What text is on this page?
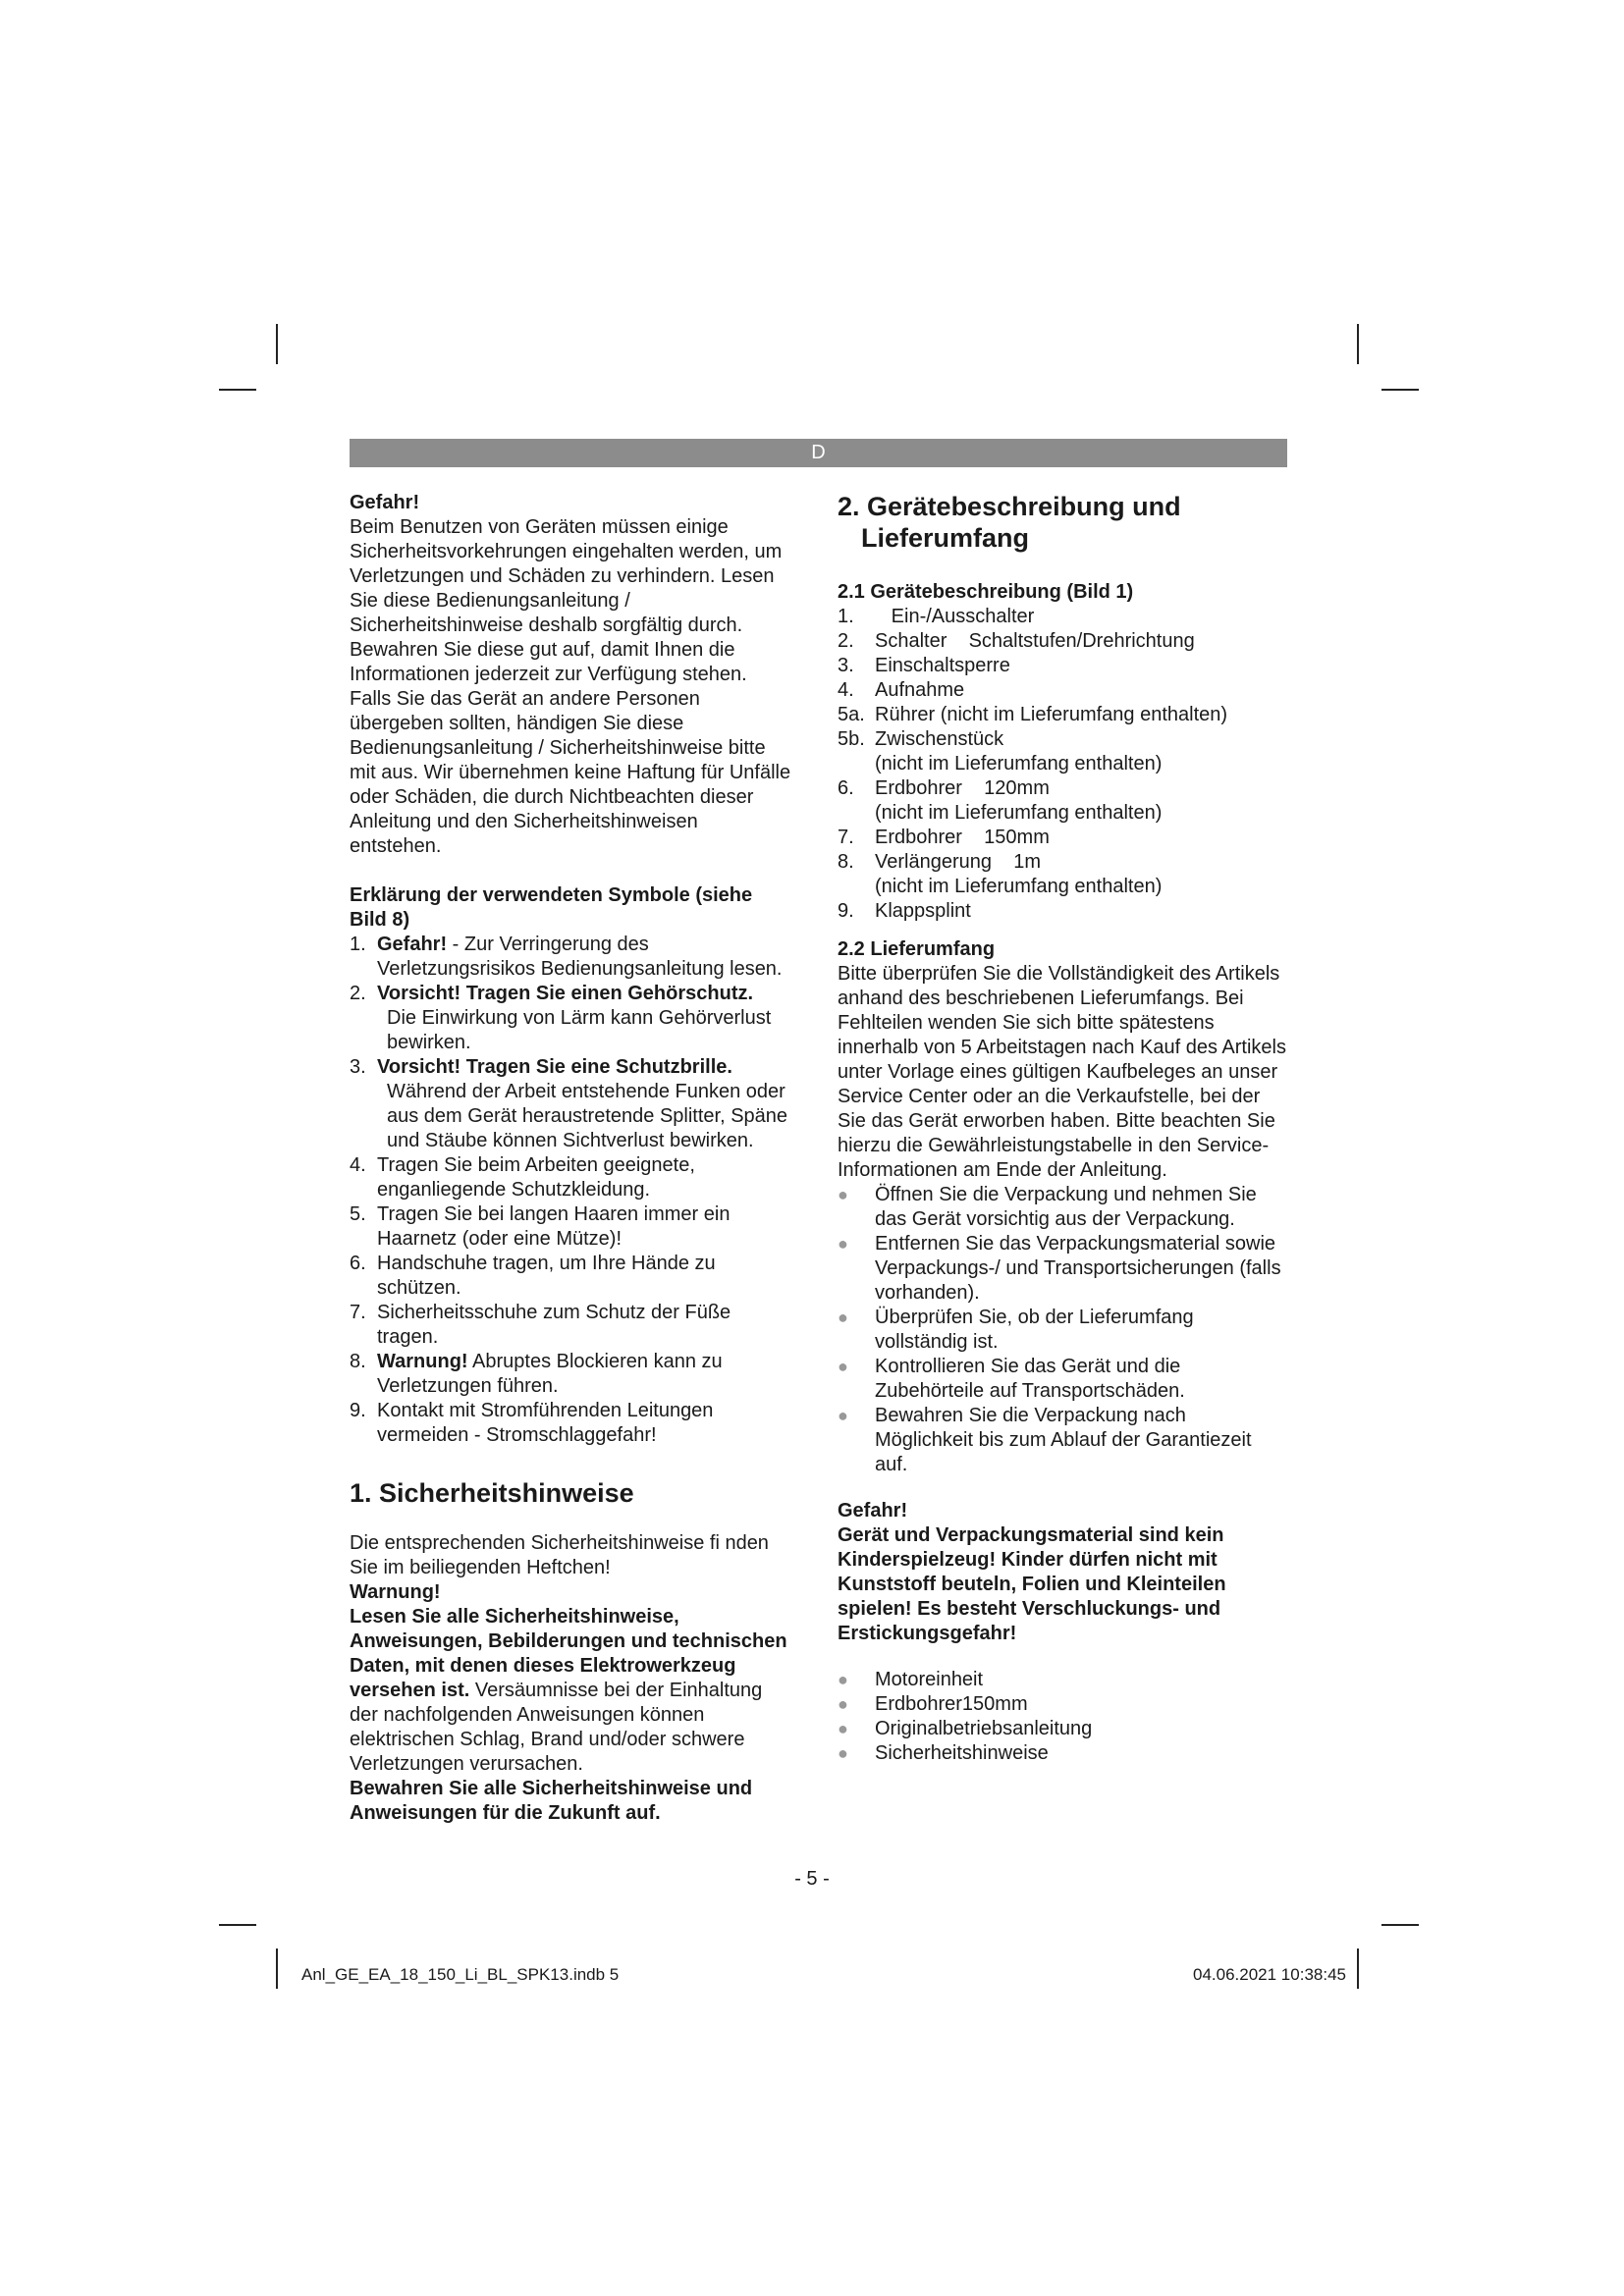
D

Gefahr!

Beim Benutzen von Geräten müssen einige Sicherheitsvorkehrungen eingehalten werden, um Verletzungen und Schäden zu verhindern. Lesen Sie diese Bedienungsanleitung / Sicherheitshinweise deshalb sorgfältig durch. Bewahren Sie diese gut auf, damit Ihnen die Informationen jederzeit zur Verfügung stehen. Falls Sie das Gerät an andere Personen übergeben sollten, händigen Sie diese Bedienungsanleitung / Sicherheitshinweise bitte mit aus. Wir übernehmen keine Haftung für Unfälle oder Schäden, die durch Nichtbeachten dieser Anleitung und den Sicherheitshinweisen entstehen.

Erklärung der verwendeten Symbole (siehe Bild 8)

1. Gefahr! - Zur Verringerung des Verletzungsrisikos Bedienungsanleitung lesen.
2. Vorsicht! Tragen Sie einen Gehörschutz.
Die Einwirkung von Lärm kann Gehörverlust bewirken.
3. Vorsicht! Tragen Sie eine Schutzbrille.
Während der Arbeit entstehende Funken oder aus dem Gerät heraustretende Splitter, Späne und Stäube können Sichtverlust bewirken.
4. Tragen Sie beim Arbeiten geeignete, enganliegende Schutzkleidung.
5. Tragen Sie bei langen Haaren immer ein Haarnetz (oder eine Mütze)!
6. Handschuhe tragen, um Ihre Hände zu schützen.
7. Sicherheitsschuhe zum Schutz der Füße tragen.
8. Warnung! Abruptes Blockieren kann zu Verletzungen führen.
9. Kontakt mit Stromführenden Leitungen vermeiden - Stromschlaggefahr!

1. Sicherheitshinweise

Die entsprechenden Sicherheitshinweise fi nden Sie im beiliegenden Heftchen!

Warnung!

Lesen Sie alle Sicherheitshinweise, Anweisungen, Bebilderungen und technischen Daten, mit denen dieses Elektrowerkzeug versehen ist. Versäumnisse bei der Einhaltung der nachfolgenden Anweisungen können elektrischen Schlag, Brand und/oder schwere Verletzungen verursachen.

Bewahren Sie alle Sicherheitshinweise und Anweisungen für die Zukunft auf.

2. Gerätebeschreibung und
Lieferumfang

2.1 Gerätebeschreibung (Bild 1)

1.	Ein-/Ausschalter
2.	Schalter    Schaltstufen/Drehrichtung
3.	Einschaltsperre
4.	Aufnahme
5a. Rührer (nicht im Lieferumfang enthalten)
5b. Zwischenstück
(nicht im Lieferumfang enthalten)
6.	Erdbohrer    120mm
(nicht im Lieferumfang enthalten)
7.	Erdbohrer    150mm
8.	Verlängerung    1m
(nicht im Lieferumfang enthalten)
9.	Klappsplint

2.2 Lieferumfang

Bitte überprüfen Sie die Vollständigkeit des Artikels anhand des beschriebenen Lieferumfangs. Bei Fehlteilen wenden Sie sich bitte spätestens innerhalb von 5 Arbeitstagen nach Kauf des Artikels unter Vorlage eines gültigen Kaufbeleges an unser Service Center oder an die Verkaufstelle, bei der Sie das Gerät erworben haben. Bitte beachten Sie hierzu die Gewährleistungstabelle in den Service-Informationen am Ende der Anleitung.

●	Öffnen Sie die Verpackung und nehmen Sie das Gerät vorsichtig aus der Verpackung.
●	Entfernen Sie das Verpackungsmaterial sowie Verpackungs-/ und Transportsicherungen (falls vorhanden).
●	Überprüfen Sie, ob der Lieferumfang vollständig ist.
●	Kontrollieren Sie das Gerät und die Zubehörteile auf Transportschäden.
●	Bewahren Sie die Verpackung nach Möglichkeit bis zum Ablauf der Garantiezeit auf.

Gefahr!

Gerät und Verpackungsmaterial sind kein Kinderspielzeug! Kinder dürfen nicht mit Kunststoff beuteln, Folien und Kleinteilen spielen! Es besteht Verschluckungs- und Erstickungsgefahr!

●	Motoreinheit
●	Erdbohrer150mm
●	Originalbetriebsanleitung
●	Sicherheitshinweise
- 5 -
Anl_GE_EA_18_150_Li_BL_SPK13.indb 5	04.06.2021 10:38:45
